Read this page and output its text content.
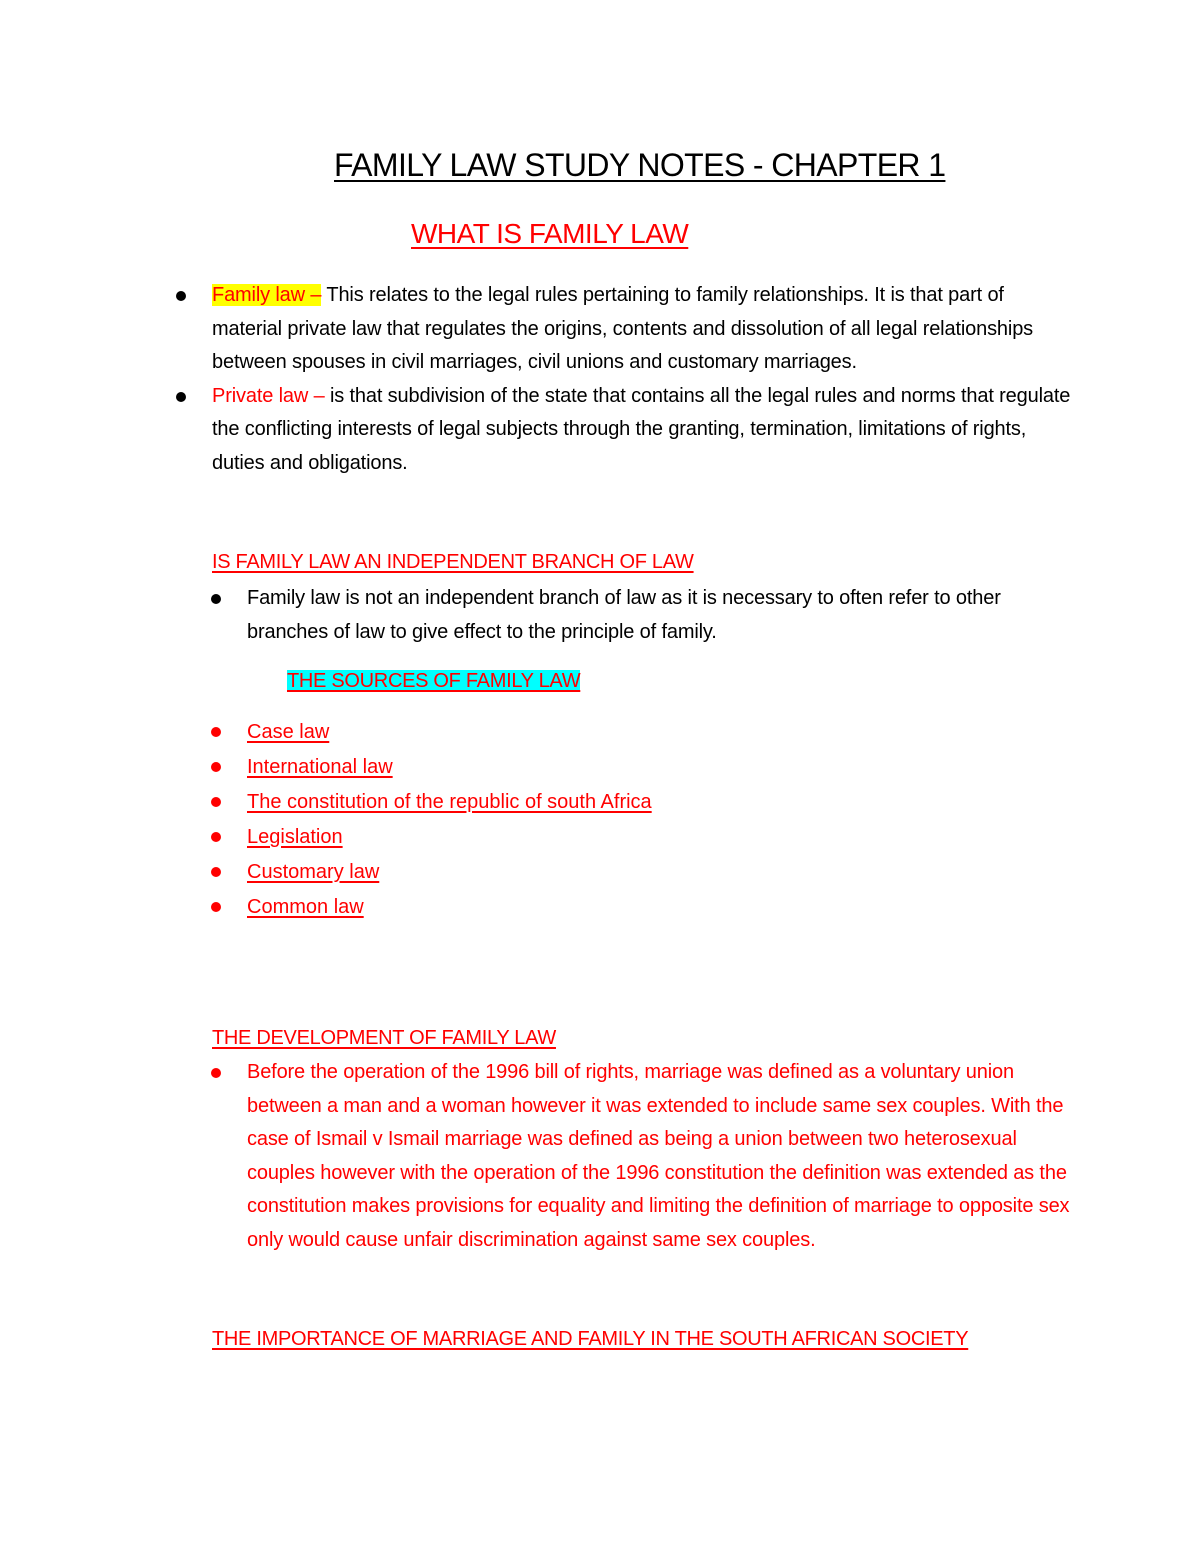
FAMILY LAW STUDY NOTES - CHAPTER 1
WHAT IS FAMILY LAW
Family law – This relates to the legal rules pertaining to family relationships. It is that part of material private law that regulates the origins, contents and dissolution of all legal relationships between spouses in civil marriages, civil unions and customary marriages.
Private law – is that subdivision of the state that contains all the legal rules and norms that regulate the conflicting interests of legal subjects through the granting, termination, limitations of rights, duties and obligations.
IS FAMILY LAW AN INDEPENDENT BRANCH OF LAW
Family law is not an independent branch of law as it is necessary to often refer to other branches of law to give effect to the principle of family.
THE SOURCES OF FAMILY LAW
Case law
International law
The constitution of the republic of south Africa
Legislation
Customary law
Common law
THE DEVELOPMENT OF FAMILY LAW
Before the operation of the 1996 bill of rights, marriage was defined as a voluntary union between a man and a woman however it was extended to include same sex couples. With the case of Ismail v Ismail marriage was defined as being a union between two heterosexual couples however with the operation of the 1996 constitution the definition was extended as the constitution makes provisions for equality and limiting the definition of marriage to opposite sex only would cause unfair discrimination against same sex couples.
THE IMPORTANCE OF MARRIAGE AND FAMILY IN THE SOUTH AFRICAN SOCIETY
